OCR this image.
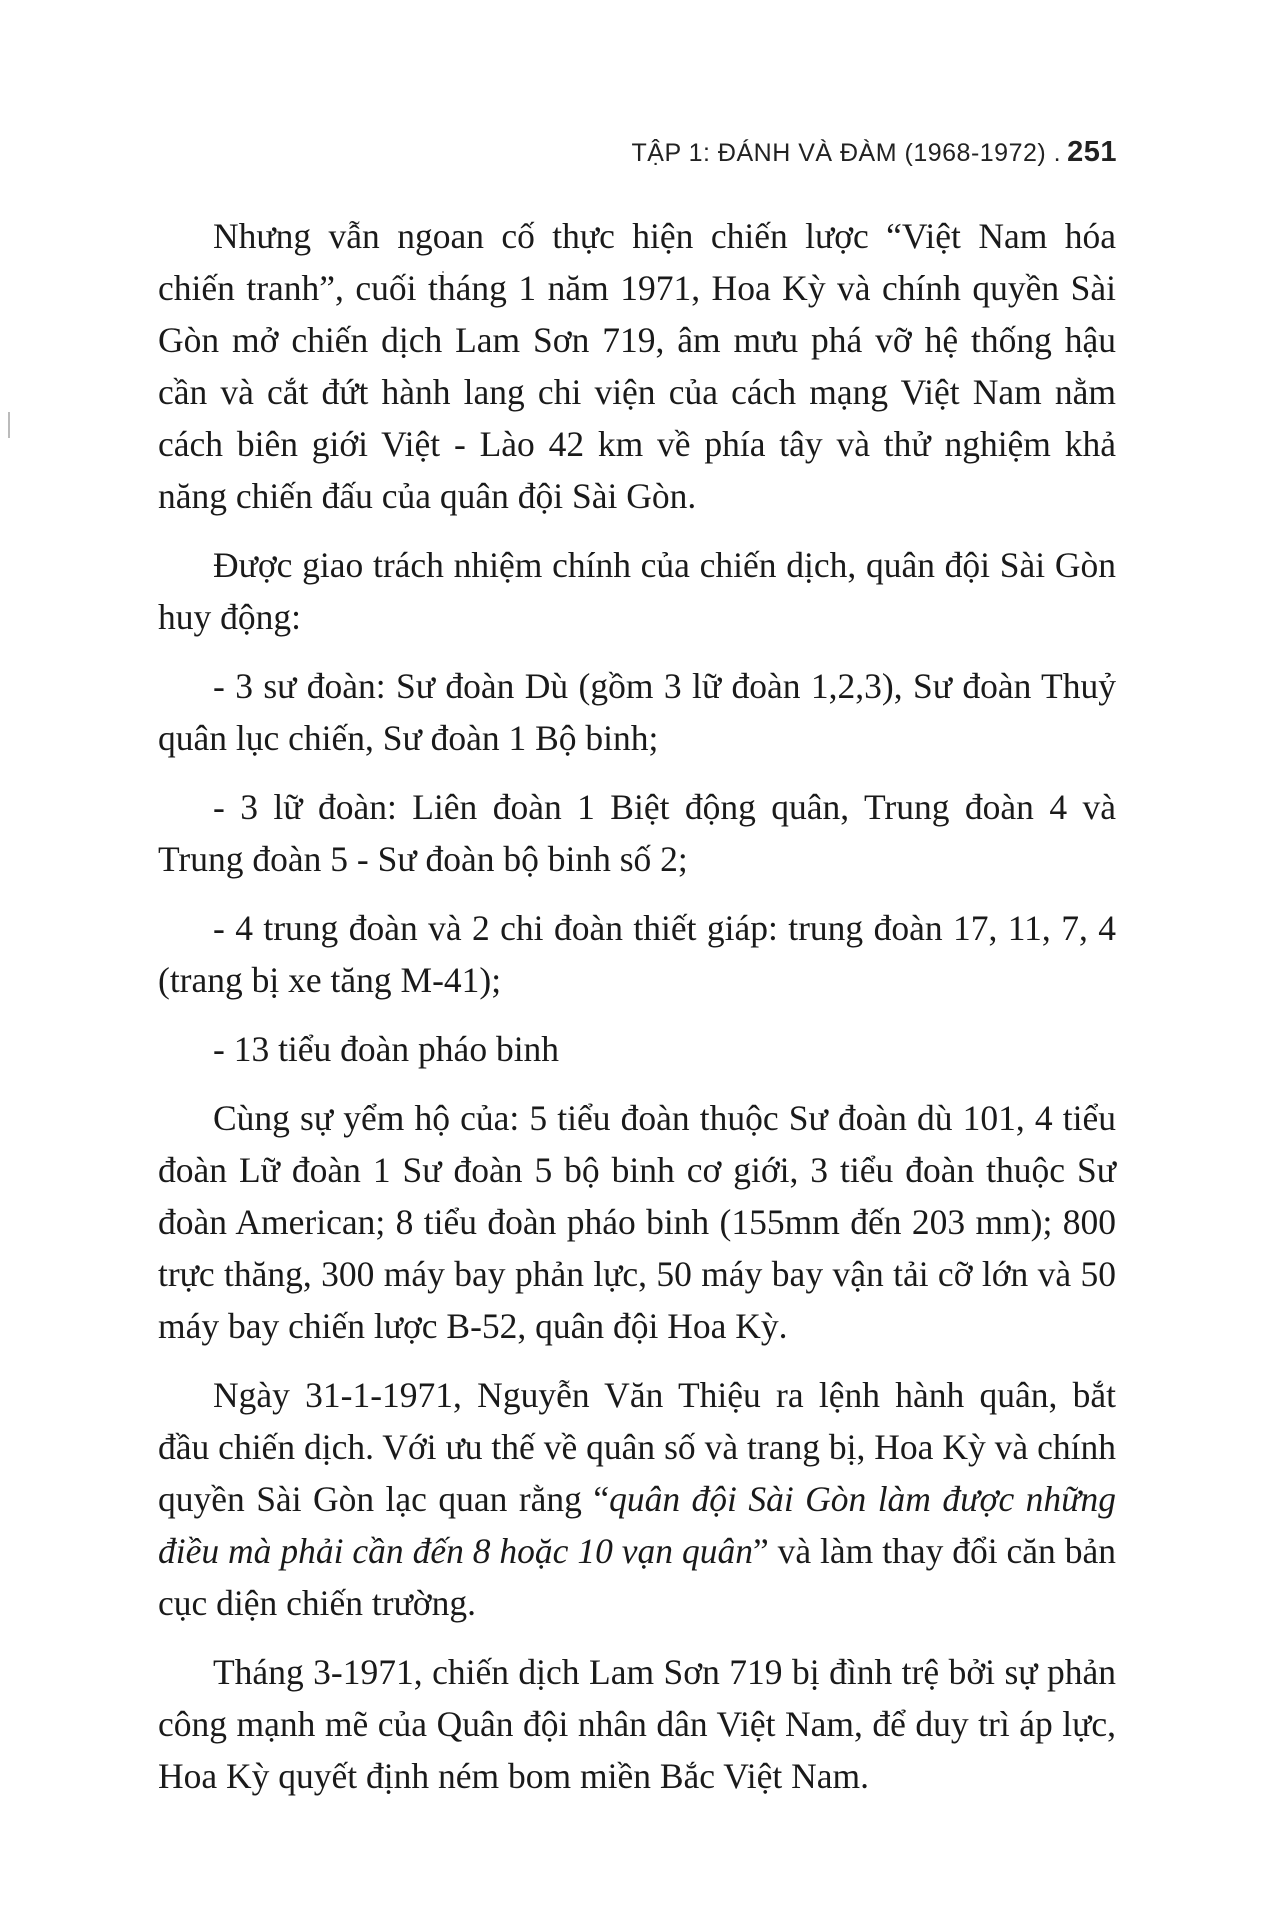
TẬP 1: ĐÁNH VÀ ĐÀM (1968-1972) . 251

Nhưng vẫn ngoan cố thực hiện chiến lược “Việt Nam hóa chiến tranh”, cuối tháng 1 năm 1971, Hoa Kỳ và chính quyền Sài Gòn mở chiến dịch Lam Sơn 719, âm mưu phá vỡ hệ thống hậu cần và cắt đứt hành lang chi viện của cách mạng Việt Nam nằm cách biên giới Việt - Lào 42 km về phía tây và thử nghiệm khả năng chiến đấu của quân đội Sài Gòn.

Được giao trách nhiệm chính của chiến dịch, quân đội Sài Gòn huy động:

- 3 sư đoàn: Sư đoàn Dù (gồm 3 lữ đoàn 1,2,3), Sư đoàn Thuỷ quân lục chiến, Sư đoàn 1 Bộ binh;

- 3 lữ đoàn: Liên đoàn 1 Biệt động quân, Trung đoàn 4 và Trung đoàn 5 - Sư đoàn bộ binh số 2;

- 4 trung đoàn và 2 chi đoàn thiết giáp: trung đoàn 17, 11, 7, 4 (trang bị xe tăng M-41);

- 13 tiểu đoàn pháo binh

Cùng sự yểm hộ của: 5 tiểu đoàn thuộc Sư đoàn dù 101, 4 tiểu đoàn Lữ đoàn 1 Sư đoàn 5 bộ binh cơ giới, 3 tiểu đoàn thuộc Sư đoàn American; 8 tiểu đoàn pháo binh (155mm đến 203 mm); 800 trực thăng, 300 máy bay phản lực, 50 máy bay vận tải cỡ lớn và 50 máy bay chiến lược B-52, quân đội Hoa Kỳ.

Ngày 31-1-1971, Nguyễn Văn Thiệu ra lệnh hành quân, bắt đầu chiến dịch. Với ưu thế về quân số và trang bị, Hoa Kỳ và chính quyền Sài Gòn lạc quan rằng “quân đội Sài Gòn làm được những điều mà phải cần đến 8 hoặc 10 vạn quân” và làm thay đổi căn bản cục diện chiến trường.

Tháng 3-1971, chiến dịch Lam Sơn 719 bị đình trệ bởi sự phản công mạnh mẽ của Quân đội nhân dân Việt Nam, để duy trì áp lực, Hoa Kỳ quyết định ném bom miền Bắc Việt Nam.
